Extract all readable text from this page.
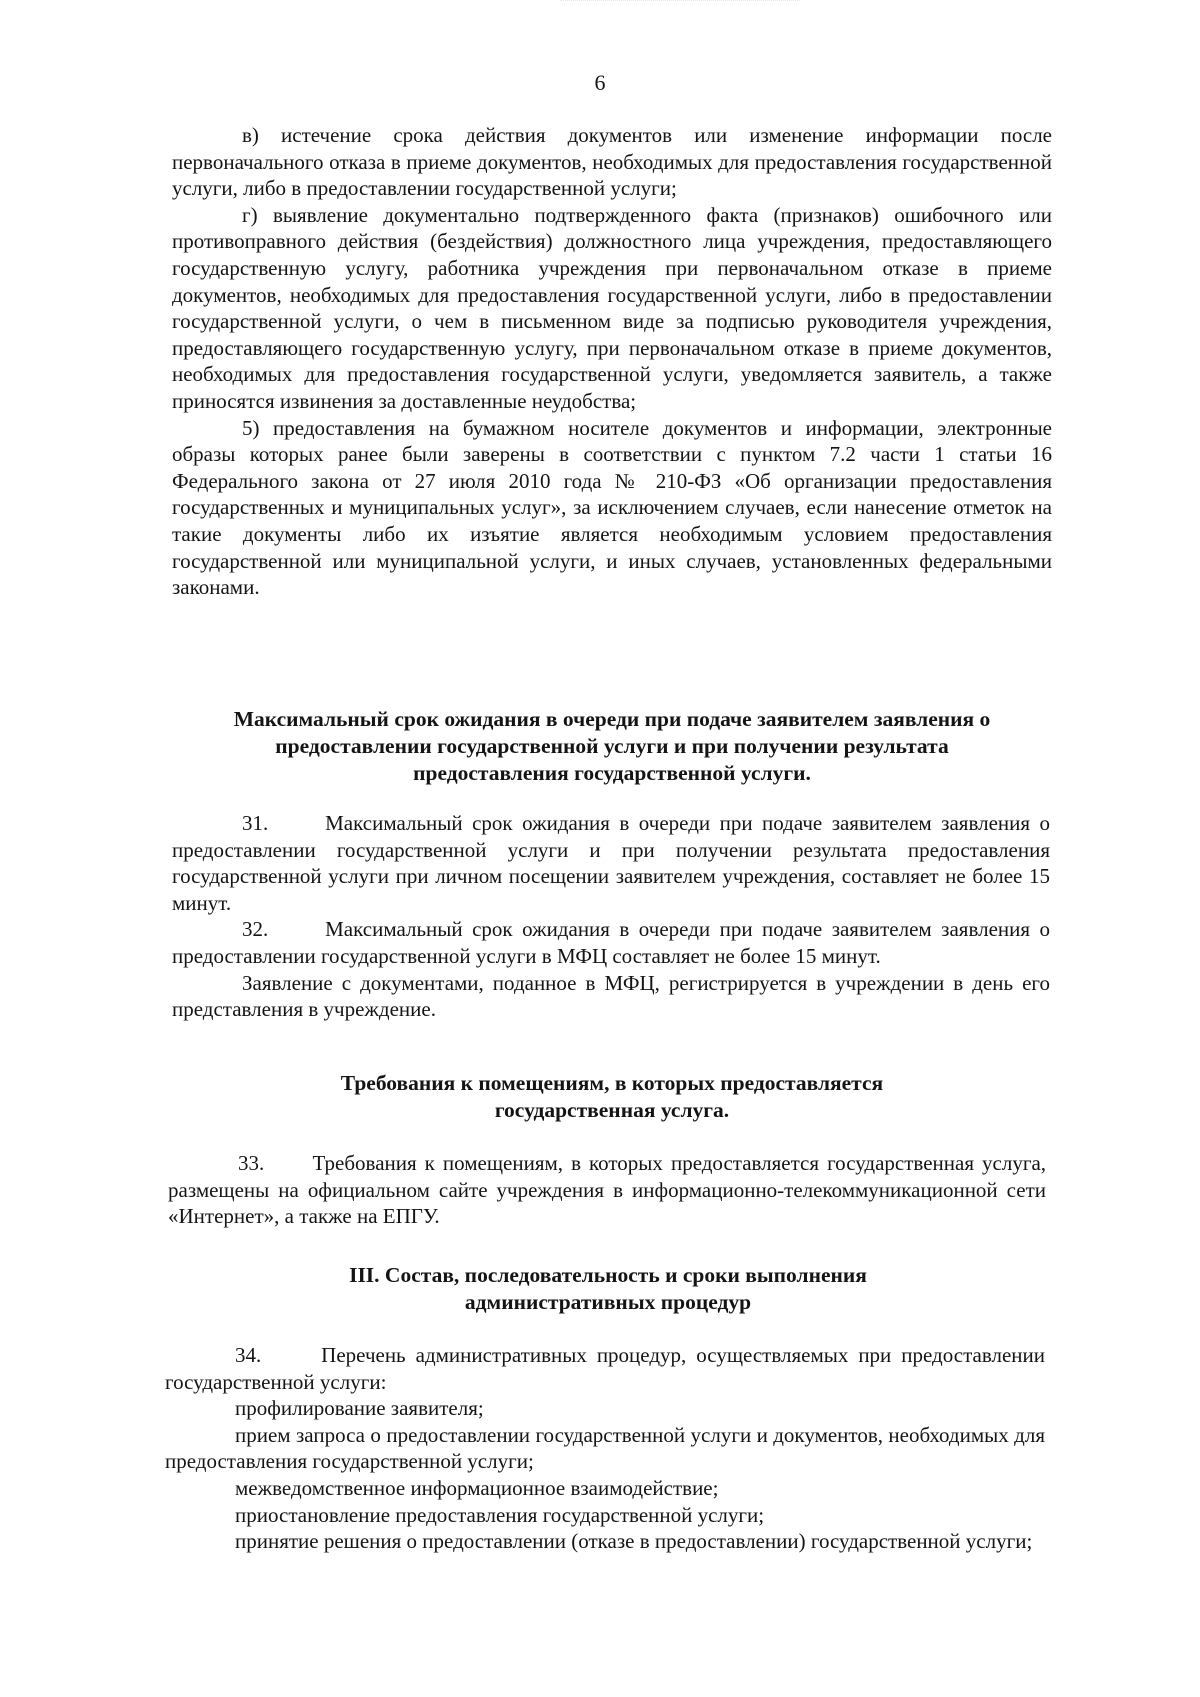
6

в) истечение срока действия документов или изменение информации после первоначального отказа в приеме документов, необходимых для предоставления государственной услуги, либо в предоставлении государственной услуги;

г) выявление документально подтвержденного факта (признаков) ошибочного или противоправного действия (бездействия) должностного лица учреждения, предоставляющего государственную услугу, работника учреждения при первоначальном отказе в приеме документов, необходимых для предоставления государственной услуги, либо в предоставлении государственной услуги, о чем в письменном виде за подписью руководителя учреждения, предоставляющего государственную услугу, при первоначальном отказе в приеме документов, необходимых для предоставления государственной услуги, уведомляется заявитель, а также приносятся извинения за доставленные неудобства;

5) предоставления на бумажном носителе документов и информации, электронные образы которых ранее были заверены в соответствии с пунктом 7.2 части 1 статьи 16 Федерального закона от 27 июля 2010 года № 210-ФЗ «Об организации предоставления государственных и муниципальных услуг», за исключением случаев, если нанесение отметок на такие документы либо их изъятие является необходимым условием предоставления государственной или муниципальной услуги, и иных случаев, установленных федеральными законами.

Максимальный срок ожидания в очереди при подаче заявителем заявления о

предоставлении государственной услуги и при получении результата

предоставления государственной услуги.

31.	Максимальный срок ожидания в очереди при подаче заявителем заявления о предоставлении государственной услуги и при получении результата предоставления государственной услуги при личном посещении заявителем учреждения, составляет не более 15 минут.

32.	Максимальный срок ожидания в очереди при подаче заявителем заявления о предоставлении государственной услуги в МФЦ составляет не более 15 минут.

Заявление с документами, поданное в МФЦ, регистрируется в учреждении в день его представления в учреждение.

Требования к помещениям, в которых предоставляется

государственная услуга.

33. Требования к помещениям, в которых предоставляется государственная услуга, размещены на официальном сайте учреждения в информационно-телекоммуникационной сети «Интернет», а также на ЕПГУ.

III. Состав, последовательность и сроки выполнения

административных процедур

34.	Перечень административных процедур, осуществляемых при предоставлении государственной услуги:

профилирование заявителя;

прием запроса о предоставлении государственной услуги и документов, необходимых для предоставления государственной услуги;

межведомственное информационное взаимодействие;

приостановление предоставления государственной услуги;

принятие решения о предоставлении (отказе в предоставлении) государственной услуги;
